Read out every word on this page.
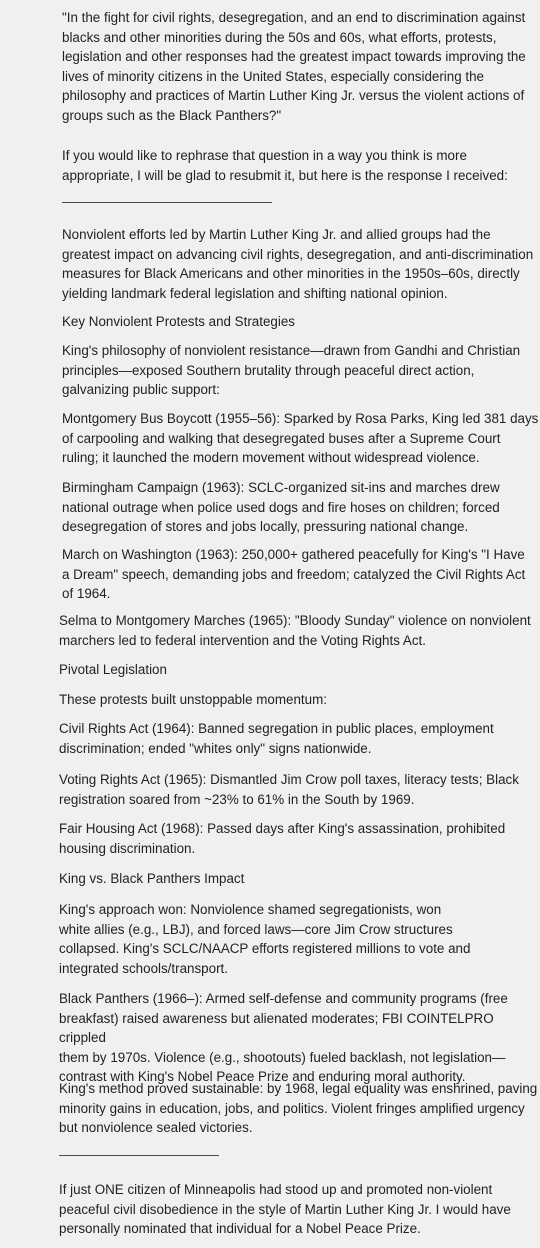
"In the fight for civil rights, desegregation, and an end to discrimination against
blacks and other minorities during the 50s and 60s, what efforts, protests,
legislation and other responses had the greatest impact towards improving the
lives of minority citizens in the United States, especially considering the
philosophy and practices of Martin Luther King Jr. versus the violent actions of
groups such as the Black Panthers?"

If you would like to rephrase that question in a way you think is more
appropriate, I will be glad to resubmit it, but here is the response I received:

Nonviolent efforts led by Martin Luther King Jr. and allied groups had the
greatest impact on advancing civil rights, desegregation, and anti-discrimination
measures for Black Americans and other minorities in the 1950s–60s, directly
yielding landmark federal legislation and shifting national opinion.

Key Nonviolent Protests and Strategies

King's philosophy of nonviolent resistance—drawn from Gandhi and Christian
principles—exposed Southern brutality through peaceful direct action,
galvanizing public support:

Montgomery Bus Boycott (1955–56): Sparked by Rosa Parks, King led 381 days
of carpooling and walking that desegregated buses after a Supreme Court
ruling; it launched the modern movement without widespread violence.

Birmingham Campaign (1963): SCLC-organized sit-ins and marches drew
national outrage when police used dogs and fire hoses on children; forced
desegregation of stores and jobs locally, pressuring national change.

March on Washington (1963): 250,000+ gathered peacefully for King's "I Have
a Dream" speech, demanding jobs and freedom; catalyzed the Civil Rights Act
of 1964.

Selma to Montgomery Marches (1965): "Bloody Sunday" violence on nonviolent
marchers led to federal intervention and the Voting Rights Act.

Pivotal Legislation

These protests built unstoppable momentum:

Civil Rights Act (1964): Banned segregation in public places, employment
discrimination; ended "whites only" signs nationwide.

Voting Rights Act (1965): Dismantled Jim Crow poll taxes, literacy tests; Black
registration soared from ~23% to 61% in the South by 1969.

Fair Housing Act (1968): Passed days after King's assassination, prohibited
housing discrimination.

King vs. Black Panthers Impact

King's approach won: Nonviolence shamed segregationists, won
white allies (e.g., LBJ), and forced laws—core Jim Crow structures
collapsed. King's SCLC/NAACP efforts registered millions to vote and
integrated schools/transport.

Black Panthers (1966–): Armed self-defense and community programs (free
breakfast) raised awareness but alienated moderates; FBI COINTELPRO crippled
them by 1970s. Violence (e.g., shootouts) fueled backlash, not legislation—
contrast with King's Nobel Peace Prize and enduring moral authority.

King's method proved sustainable: by 1968, legal equality was enshrined, paving
minority gains in education, jobs, and politics. Violent fringes amplified urgency
but nonviolence sealed victories.

If just ONE citizen of Minneapolis had stood up and promoted non-violent
peaceful civil disobedience in the style of Martin Luther King Jr. I would have
personally nominated that individual for a Nobel Peace Prize.
